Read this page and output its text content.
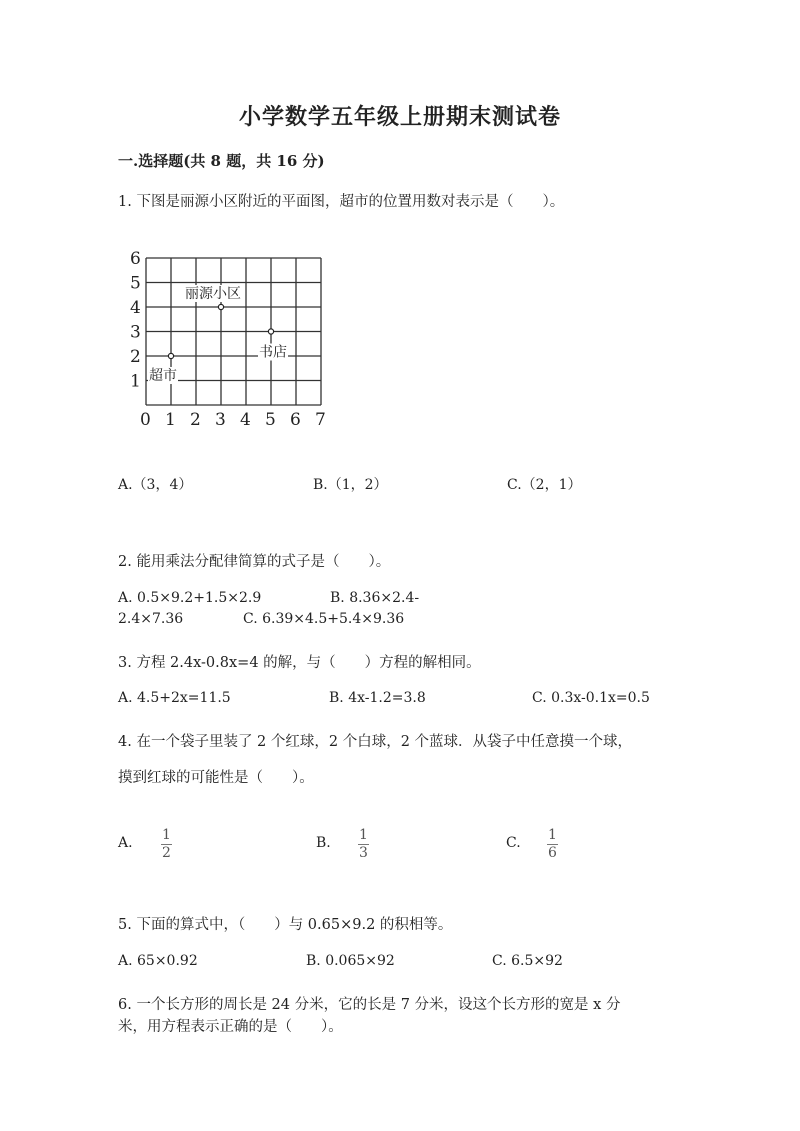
小学数学五年级上册期末测试卷
一.选择题(共 8 题，共 16 分)
1. 下图是丽源小区附近的平面图，超市的位置用数对表示是（　　）。
6
5
4
3
2
1
0 1 2 3 4 5 6 7
丽源小区
书店
超市
A.（3，4）	B.（1，2）	C.（2，1）
2. 能用乘法分配律简算的式子是（　　）。
A. 0.5×9.2+1.5×2.9	B. 8.36×2.4-
2.4×7.36	C. 6.39×4.5+5.4×9.36
3. 方程 2.4x-0.8x=4 的解，与（　　）方程的解相同。
A. 4.5+2x=11.5	B. 4x-1.2=3.8	C. 0.3x-0.1x=0.5
4. 在一个袋子里装了 2 个红球，2 个白球，2 个蓝球．从袋子中任意摸一个球，
摸到红球的可能性是（　　）。
A. 1
2
B. 1
3
C. 1
6
5. 下面的算式中，（　　）与 0.65×9.2 的积相等。
A. 65×0.92	B. 0.065×92	C. 6.5×92
6. 一个长方形的周长是 24 分米，它的长是 7 分米，设这个长方形的宽是 x 分
米，用方程表示正确的是（　　）。
